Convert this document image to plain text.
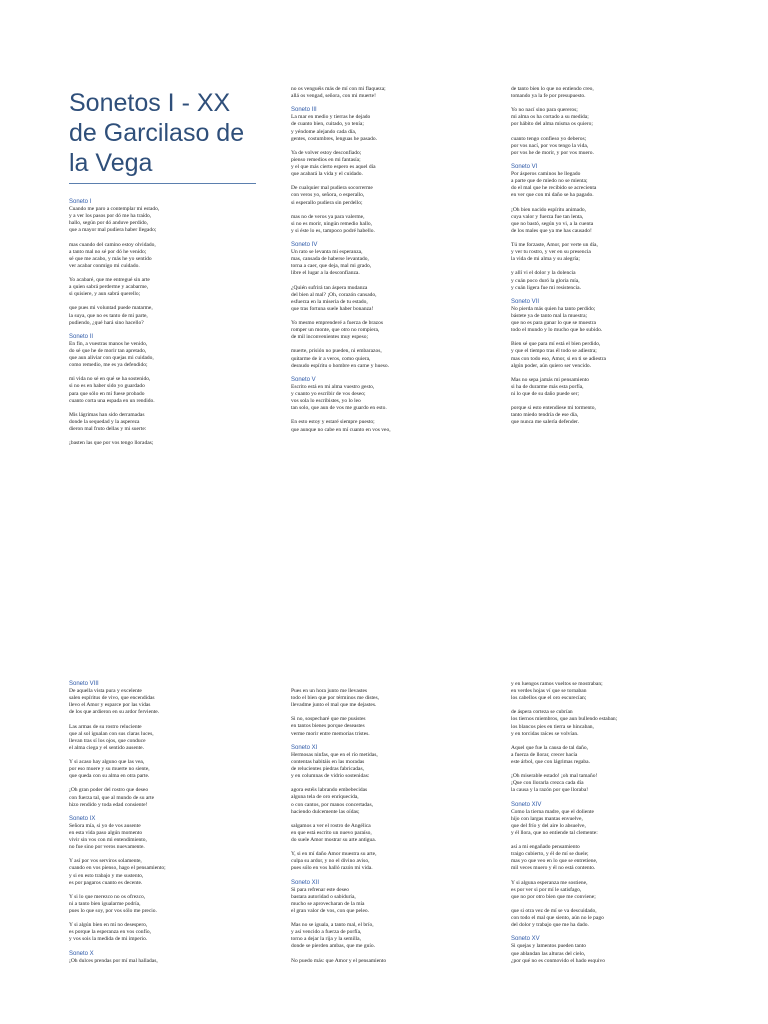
Sonetos I - XX de Garcilaso de la Vega
Soneto I
Cuando me paro a contemplar mi estado,
y a ver los pasos por dó me ha traído,
hallo, según por dó anduve perdido,
que a mayor mal pudiera haber llegado;
mas cuando del camino estoy olvidado,
a tanto mal no sé por dó he venido;
sé que me acabo, y más he yo sentido
ver acabar conmigo mi cuidado.
Yo acabaré, que me entregué sin arte
a quien sabrá perderme y acabarme,
si quisiere, y aun sabrá querello;
que pues mi voluntad puede matarme,
la suya, que no es tanto de mi parte,
pudiendo, ¿qué hará sino hacello?
Soneto II
En fin, a vuestras manos he venido,
do sé que he de morir tan apretado,
que aun aliviar con quejas mi cuidado,
como remedio, me es ya defendido;
mi vida no sé en qué se ha sostenido,
si no es en haber sido yo guardado
para que sólo en mí fuese probado
cuanto corta una espada en un rendido.
Mis lágrimas han sido derramadas
donde la sequedad y la aspereza
dieron mal fruto dellas y mi suerte:
¡basten las que por vos tengo lloradas;
no os venguéis más de mí con mi flaqueza;
allá os vengad, señora, con mi muerte!
Soneto III
La mar en medio y tierras he dejado
de cuanto bien, cuitado, yo tenía;
y yéndome alejando cada día,
gentes, costumbres, lenguas he pasado.
Ya de volver estoy desconfiado;
pienso remedios en mi fantasía;
y el que más cierto espero es aquel día
que acabará la vida y el cuidado.
De cualquier mal pudiera socorrerme
con veros yo, señora, o esperallo,
si esperallo pudiera sin perdello;
mas no de veros ya para valerme,
si no es morir, ningún remedio hallo,
y si éste lo es, tampoco podré habello.
Soneto IV
Un rato se levanta mi esperanza,
mas, cansada de haberse levantado,
torna a caer, que deja, mal mi grado,
libre el lugar a la desconfianza.
¿Quién sufrirá tan áspera mudanza
del bien al mal? ¡Oh, corazón cansado,
esfuerza en la miseria de tu estado,
que tras fortuna suele haber bonanza!
Yo mesmo emprenderé a fuerza de brazos
romper un monte, que otro no rompiera,
de mil inconvenientes muy espeso;
muerte, prisión no pueden, ni embarazos,
quitarme de ir a veros, como quiera,
desnudo espíritu o hombre en carne y hueso.
Soneto V
Escrito está en mi alma vuestro gesto,
y cuanto yo escribir de vos deseo;
vos sola lo escribistes, yo lo leo
tan solo, que aun de vos me guardo en esto.
En esto estoy y estaré siempre puesto;
que aunque no cabe en mí cuanto en vos veo,
de tanto bien lo que no entiendo creo,
tomando ya la fe por presupuesto.
Yo no nací sino para quereros;
mi alma os ha cortado a su medida;
por hábito del alma misma os quiero;
cuanto tengo confieso yo deberos;
por vos nací, por vos tengo la vida,
por vos he de morir, y por vos muero.
Soneto VI
Por ásperos caminos he llegado
a parte que de miedo no se mienta;
do el mal que he recibido se acrecienta
en ver que con mi daño se ha pagado.
¡Oh bien nacido espíritu animado,
cuya valor y fuerza fue tan lenta,
que no bastó, según yo vi, a la cuenta
de los males que ya me has causado!
Tú me forzaste, Amor, por verte un día,
y ver tu rostro, y ver en su presencia
la vida de mi alma y su alegría;
y allí vi el dolor y la dolencia
y cuán poco duró la gloria mía,
y cuán ligera fue mi resistencia.
Soneto VII
No pierda más quien ha tanto perdido;
bástete ya de tanto mal la muestra;
que no es para ganar lo que se muestra
todo el mundo y lo mucho que he subido.
Bien sé que para mí está el bien perdido,
y que el tiempo tras él todo se adiestra;
mas con todo eso, Amor, si en ti se adiestra
algún poder, aún quiero ser vencido.
Mas no sepa jamás mi pensamiento
si ha de durarme más esta porfía,
ni lo que de su daño puede ser;
porque si esto entendiese mi tormento,
tanto miedo tendría de ese día,
que nunca me salería defender.
Soneto VIII
De aquella vista pura y excelente
salen espíritus de vivo, que encendidas
llevo el Amor y esparce por las vidas
de los que ardieron en su ardor ferviente.
Las armas de su rostro reluciente
que al sol igualan con sus claras luces,
llevan tras sí los ojos, que conduce
el alma ciega y el sentido ausente.
Y si acaso hay alguno que las vea,
por eso muere y su muerte no siente,
que queda con su alma en otra parte.
¡Oh gran poder del rostro que deseo
con fuerza tal, que al mundo de su arte
hizo rendido y toda edad consiente!
Soneto IX
Señora mía, si yo de vos ausente
en esta vida paso algún momento
vivir sin vos con mi entendimiento,
no fue sino por veros nuevamente.
Y así por vos serviros solamente,
cuando en vos pienso, hago el pensamiento;
y si en esto trabajo y me sustento,
es por pagaros cuanto es decente.
Y si lo que merezco no os ofrezco,
ni a tanto bien igualarme podría,
pues lo que soy, por vos sólo me precio.
Y si algún bien en mí no desespero,
es porque la esperanza en vos confío,
y vos sois la medida de mi imperio.
Soneto X
¡Oh dulces prendas por mí mal halladas,
Pues en un hora junto me llevastes
todo el bien que por términos me distes,
llevadme junto el mal que me dejastes.
Si no, sospecharé que me pusistes
en tantos bienes porque deseastes
verme morir entre memorias tristes.
Soneto XI
Hermosas ninfas, que en el río metidas,
contentas habitáis en las moradas
de relucientes piedras fabricadas,
y en columnas de vidrio sostenidas:
agora estéis labrando embebecidas
alguna tela de oro enriquecida,
o con cantos, por manos concertadas,
haciendo dulcemente las oídas;
salgamos a ver el rostro de Angélica
en que está escrito un nuevo paraíso,
do suele Amor mostrar su arte antigua.
Y, si en mí daño Amor muestra su arte,
culpa su ardor, y no el divino aviso,
pues sólo en vos halló razón mi vida.
Soneto XII
Si para refrenar este deseo
bastara autoridad o sabiduría,
mucho se aprovecharan de la mía
el gran valor de vos, con que peleo.
Mas no se iguala, a tanto mal, el brío,
y así vencido a fuerza de porfía,
torno a dejar la rija y la semilla,
donde se pierden ambas, que me guío.
No puedo más: que Amor y el pensamiento
y en luengos ramos vueltos se mostraban;
en verdes hojas ví que se tornaban
los cabellos que el oro escurecían;
de áspera corteza se cubrían
los tiernos miembros, que aun bullendo estaban;
los blancos pies en tierra se hincaban,
y en torcidas raíces se volvían.
Aquel que fue la causa de tal daño,
a fuerza de llorar, crecer hacía
este árbol, que con lágrimas regaba.
¡Oh miserable estado! ¡oh mal tamaño!
¡Que con llorarla crezca cada día
la causa y la razón por que lloraba!
Soneto XIV
Como la tierna madre, que el doliente
hijo con largas mantas envuelve,
que del frío y del aire lo absuelve,
y él llora, que no entiende tal clemente:
así a mi engañado pensamiento
traigo cubierto, y él de mí se duele;
mas yo que veo en lo que se entretiene,
mil veces muero y él no está contento.
Y si alguna esperanza me sostiene,
es por ver si por mí le satisfago,
que no por otro bien que me conviene;
que si otra vez de mí se va descuidado,
con todo el mal que siento, aún no le pago
del dolor y trabajo que me ha dado.
Soneto XV
Si quejas y lamentos pueden tanto
que ablandan las alturas del cielo,
¿por qué no es conmovido el hado esquivo
